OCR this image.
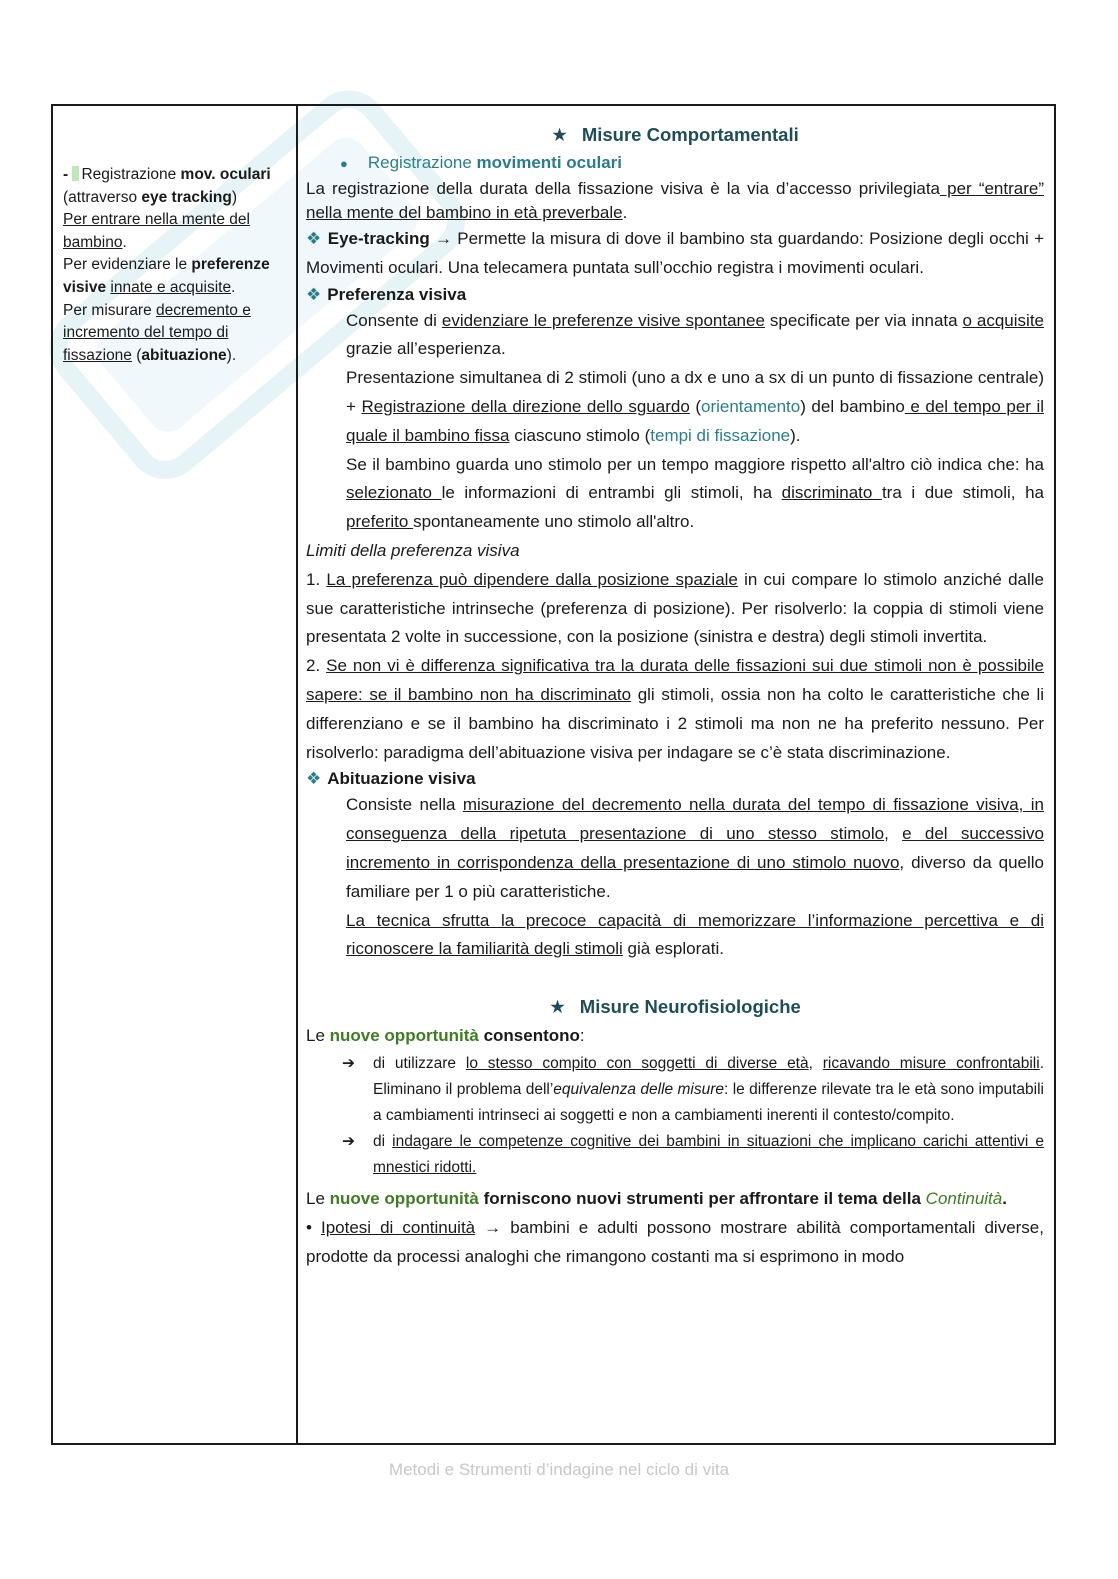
- Registrazione mov. oculari
(attraverso eye tracking)

Per entrare nella mente del bambino.

Per evidenziare le preferenze visive innate e acquisite.

Per misurare decremento e incremento del tempo di fissazione (abituazione).

★ Misure Comportamentali

● Registrazione movimenti oculari

La registrazione della durata della fissazione visiva è la via d’accesso privilegiata per “entrare” nella mente del bambino in età preverbale.

❖ Eye-tracking → Permette la misura di dove il bambino sta guardando: Posizione degli occhi + Movimenti oculari. Una telecamera puntata sull’occhio registra i movimenti oculari.

❖ Preferenza visiva

Consente di evidenziare le preferenze visive spontanee specificate per via innata o acquisite grazie all’esperienza.

Presentazione simultanea di 2 stimoli (uno a dx e uno a sx di un punto di fissazione centrale) + Registrazione della direzione dello sguardo (orientamento) del bambino e del tempo per il quale il bambino fissa ciascuno stimolo (tempi di fissazione).

Se il bambino guarda uno stimolo per un tempo maggiore rispetto all'altro ciò indica che: ha selezionato le informazioni di entrambi gli stimoli, ha discriminato tra i due stimoli, ha preferito spontaneamente uno stimolo all'altro.

Limiti della preferenza visiva

1. La preferenza può dipendere dalla posizione spaziale in cui compare lo stimolo anziché dalle sue caratteristiche intrinseche (preferenza di posizione). Per risolverlo: la coppia di stimoli viene presentata 2 volte in successione, con la posizione (sinistra e destra) degli stimoli invertita.

2. Se non vi è differenza significativa tra la durata delle fissazioni sui due stimoli non è possibile sapere: se il bambino non ha discriminato gli stimoli, ossia non ha colto le caratteristiche che li differenziano e se il bambino ha discriminato i 2 stimoli ma non ne ha preferito nessuno. Per risolverlo: paradigma dell’abituazione visiva per indagare se c’è stata discriminazione.

❖ Abituazione visiva

Consiste nella misurazione del decremento nella durata del tempo di fissazione visiva, in conseguenza della ripetuta presentazione di uno stesso stimolo, e del successivo incremento in corrispondenza della presentazione di uno stimolo nuovo, diverso da quello familiare per 1 o più caratteristiche.

La tecnica sfrutta la precoce capacità di memorizzare l’informazione percettiva e di riconoscere la familiarità degli stimoli già esplorati.

★ Misure Neurofisiologiche

Le nuove opportunità consentono:

➔ di utilizzare lo stesso compito con soggetti di diverse età, ricavando misure confrontabili. Eliminano il problema dell’equivalenza delle misure: le differenze rilevate tra le età sono imputabili a cambiamenti intrinseci ai soggetti e non a cambiamenti inerenti il contesto/compito.
➔ di indagare le competenze cognitive dei bambini in situazioni che implicano carichi attentivi e mnestici ridotti.

Le nuove opportunità forniscono nuovi strumenti per affrontare il tema della Continuità.

• Ipotesi di continuità → bambini e adulti possono mostrare abilità comportamentali diverse, prodotte da processi analoghi che rimangono costanti ma si esprimono in modo

Metodi e Strumenti d’indagine nel ciclo di vita
